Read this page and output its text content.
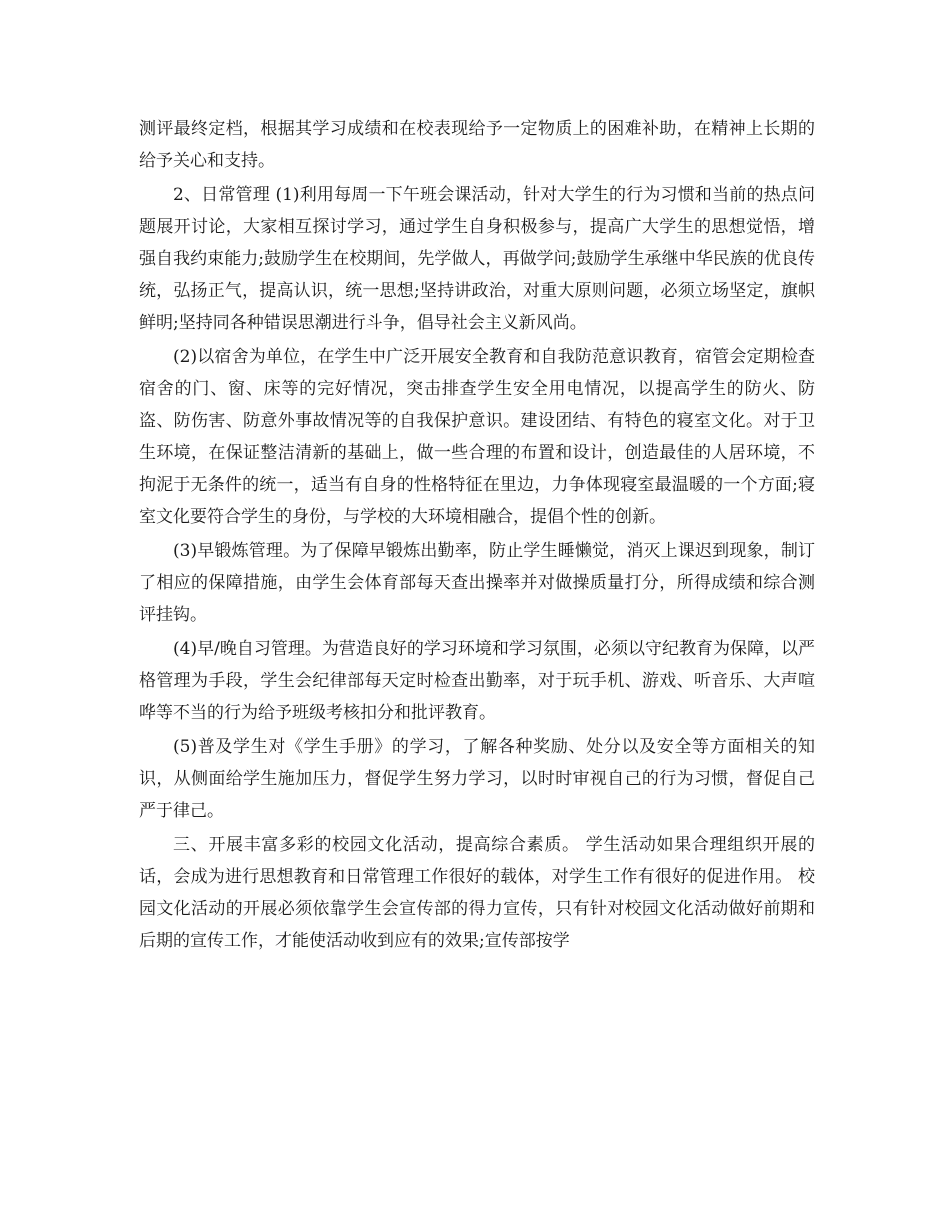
测评最终定档，根据其学习成绩和在校表现给予一定物质上的困难补助，在精神上长期的给予关心和支持。

2、日常管理 (1)利用每周一下午班会课活动，针对大学生的行为习惯和当前的热点问题展开讨论，大家相互探讨学习，通过学生自身积极参与，提高广大学生的思想觉悟，增强自我约束能力;鼓励学生在校期间，先学做人，再做学问;鼓励学生承继中华民族的优良传统，弘扬正气，提高认识，统一思想;坚持讲政治，对重大原则问题，必须立场坚定，旗帜鲜明;坚持同各种错误思潮进行斗争，倡导社会主义新风尚。

(2)以宿舍为单位，在学生中广泛开展安全教育和自我防范意识教育，宿管会定期检查宿舍的门、窗、床等的完好情况，突击排查学生安全用电情况，以提高学生的防火、防盗、防伤害、防意外事故情况等的自我保护意识。建设团结、有特色的寝室文化。对于卫生环境，在保证整洁清新的基础上，做一些合理的布置和设计，创造最佳的人居环境，不拘泥于无条件的统一，适当有自身的性格特征在里边，力争体现寝室最温暖的一个方面;寝室文化要符合学生的身份，与学校的大环境相融合，提倡个性的创新。

(3)早锻炼管理。为了保障早锻炼出勤率，防止学生睡懒觉，消灭上课迟到现象，制订了相应的保障措施，由学生会体育部每天查出操率并对做操质量打分，所得成绩和综合测评挂钩。

(4)早/晚自习管理。为营造良好的学习环境和学习氛围，必须以守纪教育为保障，以严格管理为手段，学生会纪律部每天定时检查出勤率，对于玩手机、游戏、听音乐、大声喧哗等不当的行为给予班级考核扣分和批评教育。

(5)普及学生对《学生手册》的学习，了解各种奖励、处分以及安全等方面相关的知识，从侧面给学生施加压力，督促学生努力学习，以时时审视自己的行为习惯，督促自己严于律己。

三、开展丰富多彩的校园文化活动，提高综合素质。 学生活动如果合理组织开展的话，会成为进行思想教育和日常管理工作很好的载体，对学生工作有很好的促进作用。 校园文化活动的开展必须依靠学生会宣传部的得力宣传，只有针对校园文化活动做好前期和后期的宣传工作，才能使活动收到应有的效果;宣传部按学
